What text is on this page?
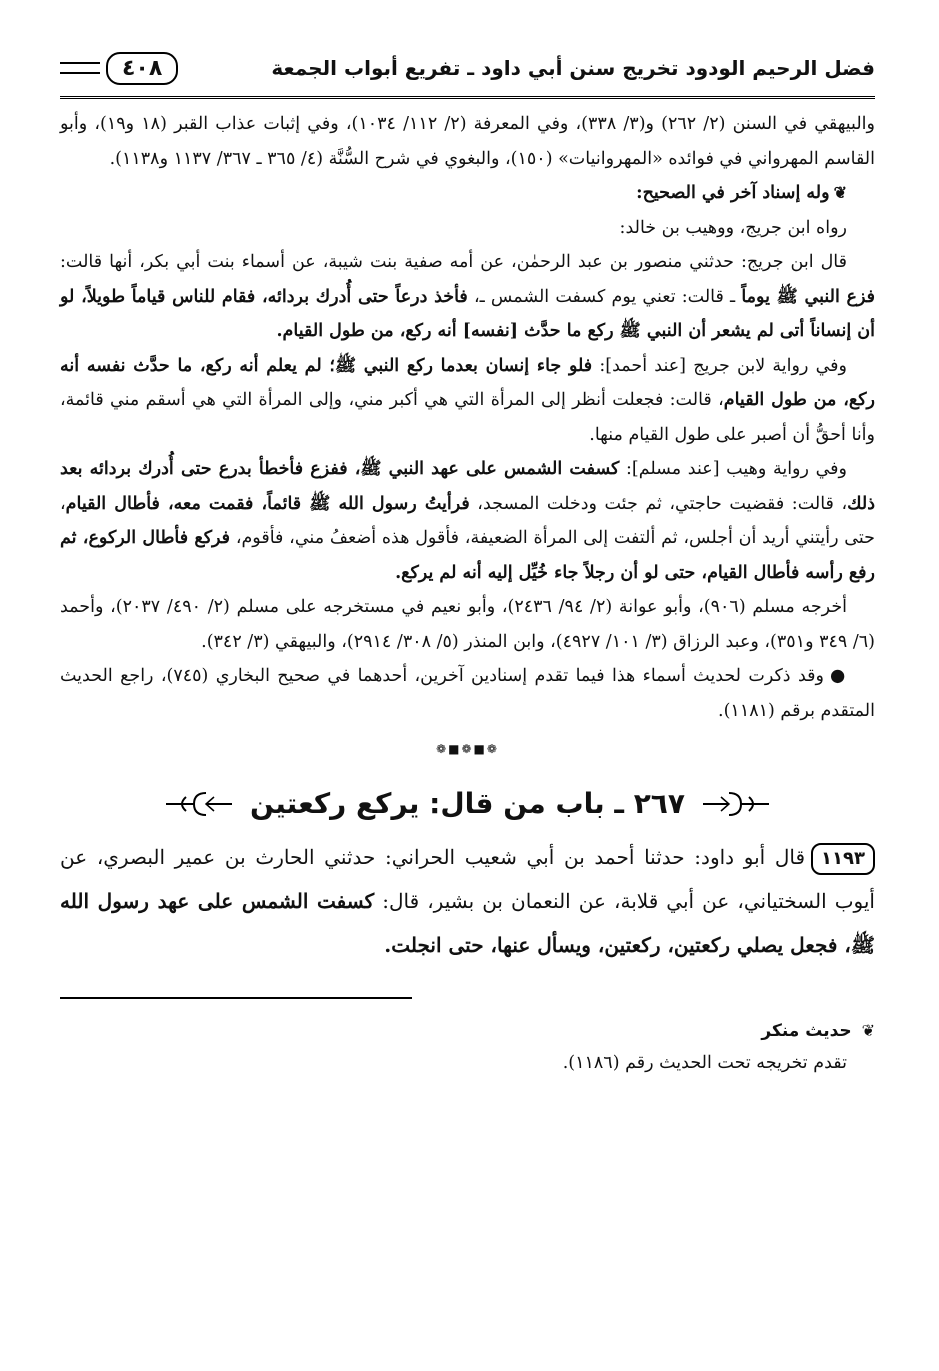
فضل الرحيم الودود تخريج سنن أبي داود ـ تفريع أبواب الجمعة
٤٠٨

والبيهقي في السنن (٢/ ٢٦٢) و(٣/ ٣٣٨)، وفي المعرفة (٢/ ١١٢/ ١٠٣٤)، وفي إثبات عذاب القبر (١٨ و١٩)، وأبو القاسم المهرواني في فوائده «المهروانيات» (١٥٠)، والبغوي في شرح السُّنَّة (٤/ ٣٦٥ ـ ٣٦٧/ ١١٣٧ و١١٣٨).

❦وله إسناد آخر في الصحيح:

رواه ابن جريج، ووهيب بن خالد:

قال ابن جريج: حدثني منصور بن عبد الرحمٰن، عن أمه صفية بنت شيبة، عن أسماء بنت أبي بكر، أنها قالت: فزع النبي ﷺ يوماً ـ قالت: تعني يوم كسفت الشمس ـ، فأخذ درعاً حتى أُدرك بردائه، فقام للناس قياماً طويلاً، لو أن إنساناً أتى لم يشعر أن النبي ﷺ ركع ما حدَّث [نفسه] أنه ركع، من طول القيام.

وفي رواية لابن جريج [عند أحمد]: فلو جاء إنسان بعدما ركع النبي ﷺ؛ لم يعلم أنه ركع، ما حدَّث نفسه أنه ركع، من طول القيام، قالت: فجعلت أنظر إلى المرأة التي هي أكبر مني، وإلى المرأة التي هي أسقم مني قائمة، وأنا أحقُّ أن أصبر على طول القيام منها.

وفي رواية وهيب [عند مسلم]: كسفت الشمس على عهد النبي ﷺ، ففزع فأخطأ بدرع حتى أُدرك بردائه بعد ذلك، قالت: فقضيت حاجتي، ثم جئت ودخلت المسجد، فرأيتُ رسول الله ﷺ قائماً، فقمت معه، فأطال القيام، حتى رأيتني أريد أن أجلس، ثم ألتفت إلى المرأة الضعيفة، فأقول هذه أضعفُ مني، فأقوم، فركع فأطال الركوع، ثم رفع رأسه فأطال القيام، حتى لو أن رجلاً جاء خُيِّل إليه أنه لم يركع.

أخرجه مسلم (٩٠٦)، وأبو عوانة (٢/ ٩٤/ ٢٤٣٦)، وأبو نعيم في مستخرجه على مسلم (٢/ ٤٩٠/ ٢٠٣٧)، وأحمد (٦/ ٣٤٩ و٣٥١)، وعبد الرزاق (٣/ ١٠١/ ٤٩٢٧)، وابن المنذر (٥/ ٣٠٨/ ٢٩١٤)، والبيهقي (٣/ ٣٤٢).

●وقد ذكرت لحديث أسماء هذا فيما تقدم إسنادين آخرين، أحدهما في صحيح البخاري (٧٤٥)، راجع الحديث المتقدم برقم (١١٨١).

❁■❁■❁
٢٦٧ ـ باب من قال: يركع ركعتين
١١٩٣قال أبو داود: حدثنا أحمد بن أبي شعيب الحراني: حدثني الحارث بن عمير البصري، عن أيوب السختياني، عن أبي قلابة، عن النعمان بن بشير، قال: كسفت الشمس على عهد رسول الله ﷺ، فجعل يصلي ركعتين، ركعتين، ويسأل عنها، حتى انجلت.
❦ حديث منكر
تقدم تخريجه تحت الحديث رقم (١١٨٦).
